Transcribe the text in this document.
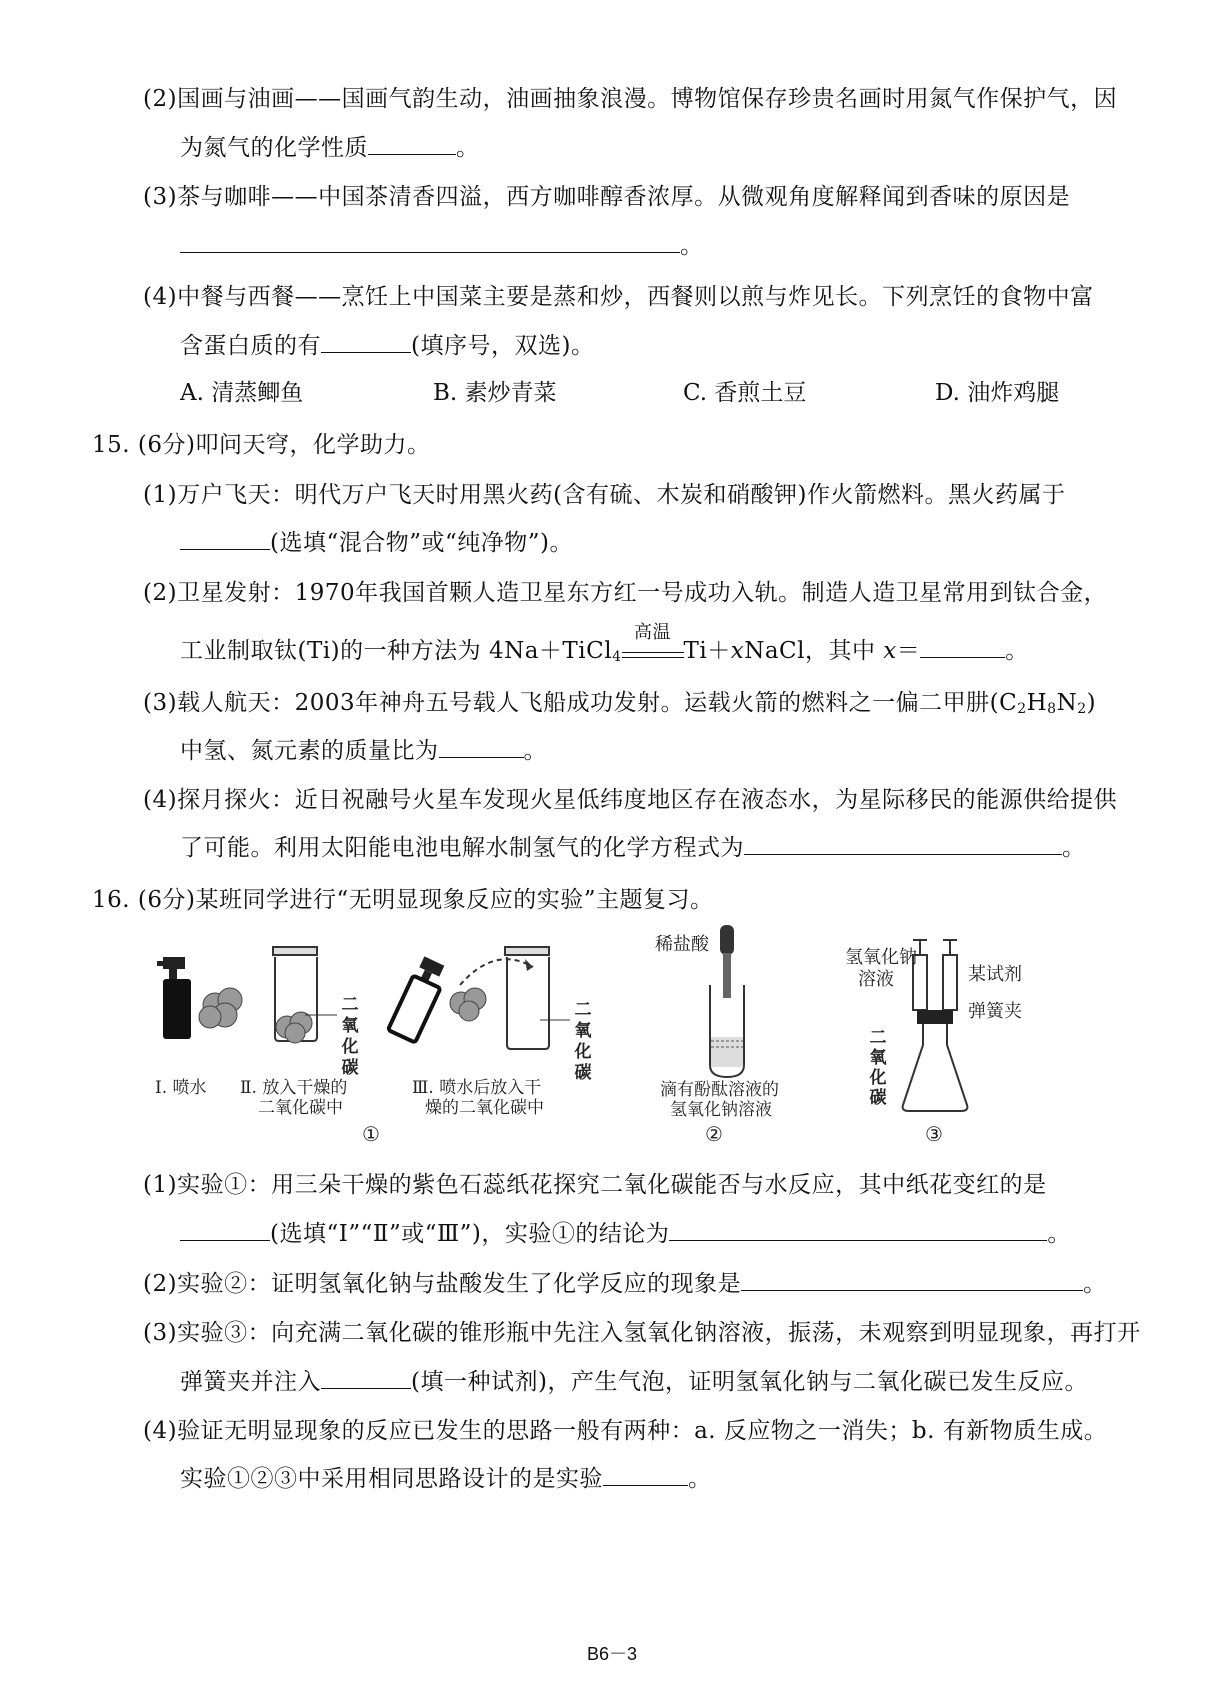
(2)国画与油画——国画气韵生动，油画抽象浪漫。博物馆保存珍贵名画时用氮气作保护气，因
为氮气的化学性质	。
(3)茶与咖啡——中国茶清香四溢，西方咖啡醇香浓厚。从微观角度解释闻到香味的原因是
。
(4)中餐与西餐——烹饪上中国菜主要是蒸和炒，西餐则以煎与炸见长。下列烹饪的食物中富
含蛋白质的有	(填序号，双选)。
A. 清蒸鲫鱼	B. 素炒青菜	C. 香煎土豆	D. 油炸鸡腿
15. (6分)叩问天穹，化学助力。
(1)万户飞天：明代万户飞天时用黑火药(含有硫、木炭和硝酸钾)作火箭燃料。黑火药属于
(选填“混合物”或“纯净物”)。
(2)卫星发射：1970年我国首颗人造卫星东方红一号成功入轨。制造人造卫星常用到钛合金，
工业制取钛(Ti)的一种方法为 4Na＋TiCl$_4$
高温
Ti＋xNaCl，其中 x＝	。
(3)载人航天：2003年神舟五号载人飞船成功发射。运载火箭的燃料之一偏二甲肼$(C_2H_8N_2)$
中氢、氮元素的质量比为	。
(4)探月探火：近日祝融号火星车发现火星低纬度地区存在液态水，为星际移民的能源供给提供
了可能。利用太阳能电池电解水制氢气的化学方程式为	。
16. (6分)某班同学进行“无明显现象反应的实验”主题复习。
二氧化碳
二氧化碳
Ⅰ. 喷水 Ⅱ. 放入干燥的
二氧化碳中
Ⅲ. 喷水后放入干
燥的二氧化碳中
①
稀盐酸
滴有酚酞溶液的
氢氧化钠溶液
②
氢氧化钠
溶液	某试剂
弹簧夹
二氧化碳
③
(1)实验①：用三朵干燥的紫色石蕊纸花探究二氧化碳能否与水反应，其中纸花变红的是
(选填“Ⅰ”“Ⅱ”或“Ⅲ”)，实验①的结论为	。
(2)实验②：证明氢氧化钠与盐酸发生了化学反应的现象是	。
(3)实验③：向充满二氧化碳的锥形瓶中先注入氢氧化钠溶液，振荡，未观察到明显现象，再打开
弹簧夹并注入	(填一种试剂)，产生气泡，证明氢氧化钠与二氧化碳已发生反应。
(4)验证无明显现象的反应已发生的思路一般有两种：a. 反应物之一消失；b. 有新物质生成。
实验①②③中采用相同思路设计的是实验	。
B6－3
